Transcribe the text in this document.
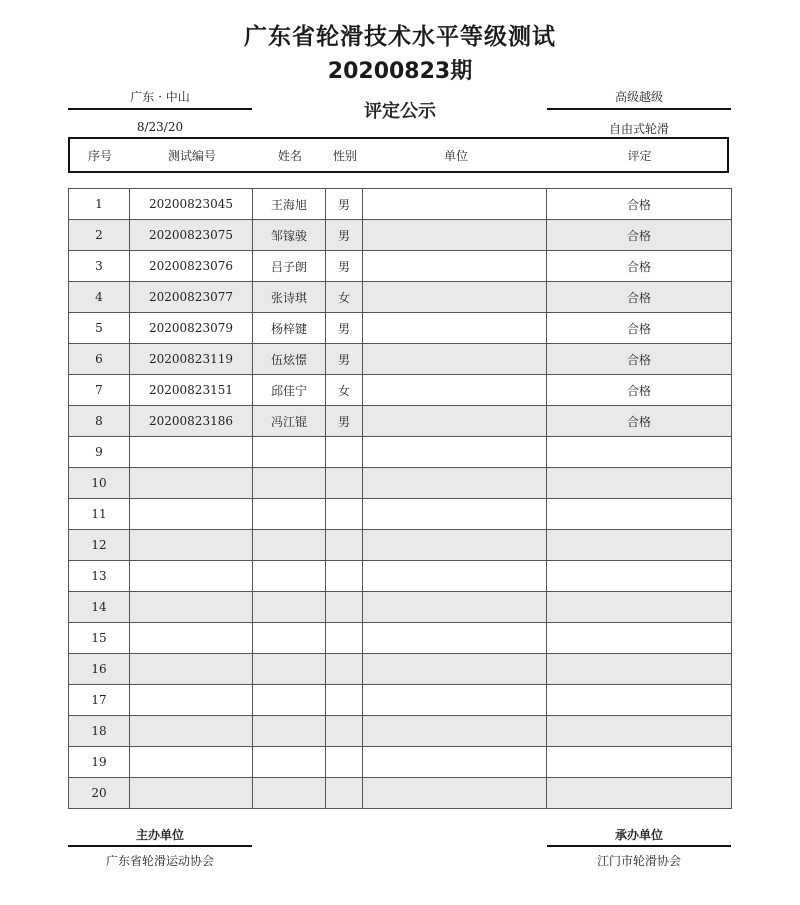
广东省轮滑技术水平等级测试
20200823期
评定公示
广东 · 中山
8/23/20
高级越级
自由式轮滑
序号	测试编号	姓名	性别	单位	评定
1	20200823045	王海旭	男		合格
2	20200823075	邹镓骏	男		合格
3	20200823076	吕子朗	男		合格
4	20200823077	张诗琪	女		合格
5	20200823079	杨梓键	男		合格
6	20200823119	伍炫憬	男		合格
7	20200823151	邱佳宁	女		合格
8	20200823186	冯江锟	男		合格
9					
10					
11					
12					
13					
14					
15					
16					
17					
18					
19					
20					
主办单位
广东省轮滑运动协会
承办单位
江门市轮滑协会
